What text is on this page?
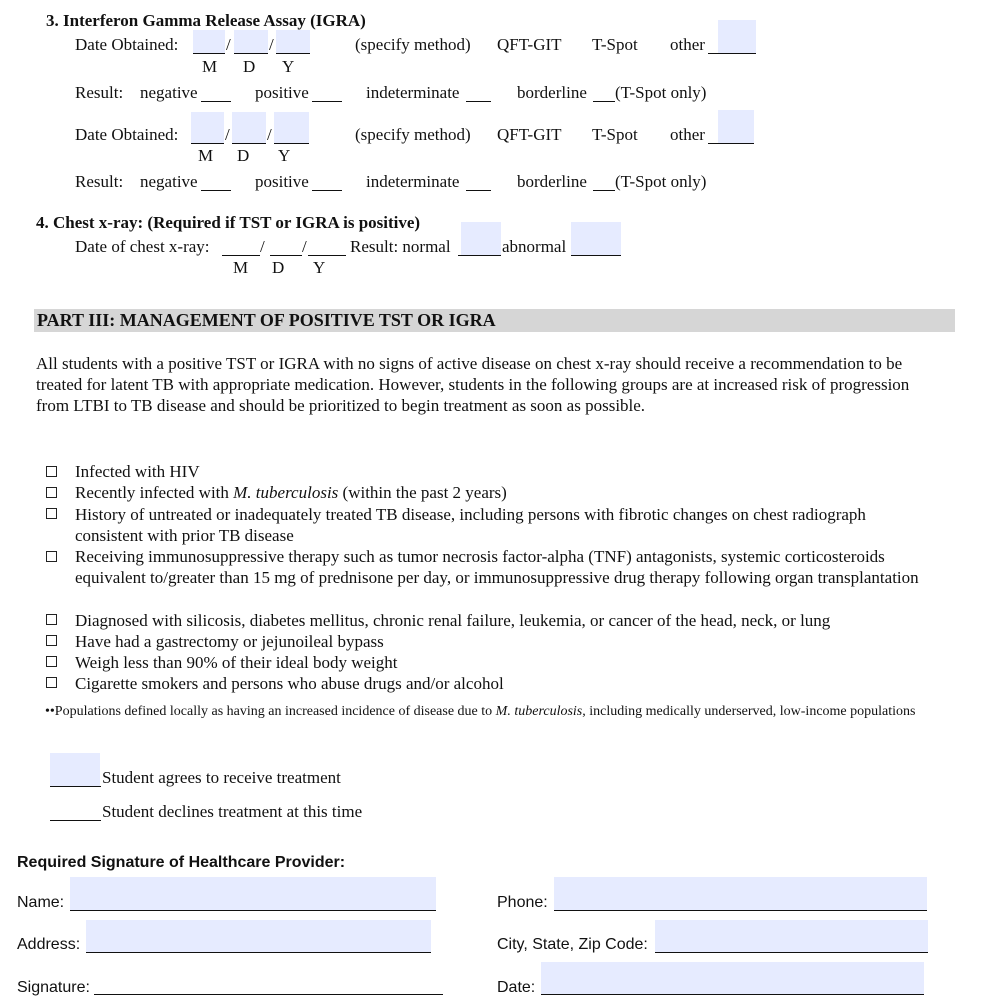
3. Interferon Gamma Release Assay (IGRA)
Date Obtained:	/ /
M D Y
(specify method) QFT-GIT T-Spot other
Result: negative	positive	indeterminate	borderline (T-Spot only)
Date Obtained:	/ /
M D Y
(specify method) QFT-GIT T-Spot other
Result: negative	positive	indeterminate	borderline (T-Spot only)
4. Chest x-ray: (Required if TST or IGRA is positive)
Date of chest x-ray:	/ /
M D Y
Result: normal	abnormal
PART III: MANAGEMENT OF POSITIVE TST OR IGRA
All students with a positive TST or IGRA with no signs of active disease on chest x-ray should receive a recommendation to be treated for latent TB with appropriate medication. However, students in the following groups are at increased risk of progression from LTBI to TB disease and should be prioritized to begin treatment as soon as possible.
Infected with HIV
Recently infected with M. tuberculosis (within the past 2 years)
History of untreated or inadequately treated TB disease, including persons with fibrotic changes on chest radiograph consistent with prior TB disease
Receiving immunosuppressive therapy such as tumor necrosis factor-alpha (TNF) antagonists, systemic corticosteroids equivalent to/greater than 15 mg of prednisone per day, or immunosuppressive drug therapy following organ transplantation
Diagnosed with silicosis, diabetes mellitus, chronic renal failure, leukemia, or cancer of the head, neck, or lung
Have had a gastrectomy or jejunoileal bypass
Weigh less than 90% of their ideal body weight
Cigarette smokers and persons who abuse drugs and/or alcohol
••Populations defined locally as having an increased incidence of disease due to M. tuberculosis, including medically underserved, low-income populations
Student agrees to receive treatment
Student declines treatment at this time
Required Signature of Healthcare Provider:
Name:	Phone:
Address:	City, State, Zip Code:
Signature:	Date:
